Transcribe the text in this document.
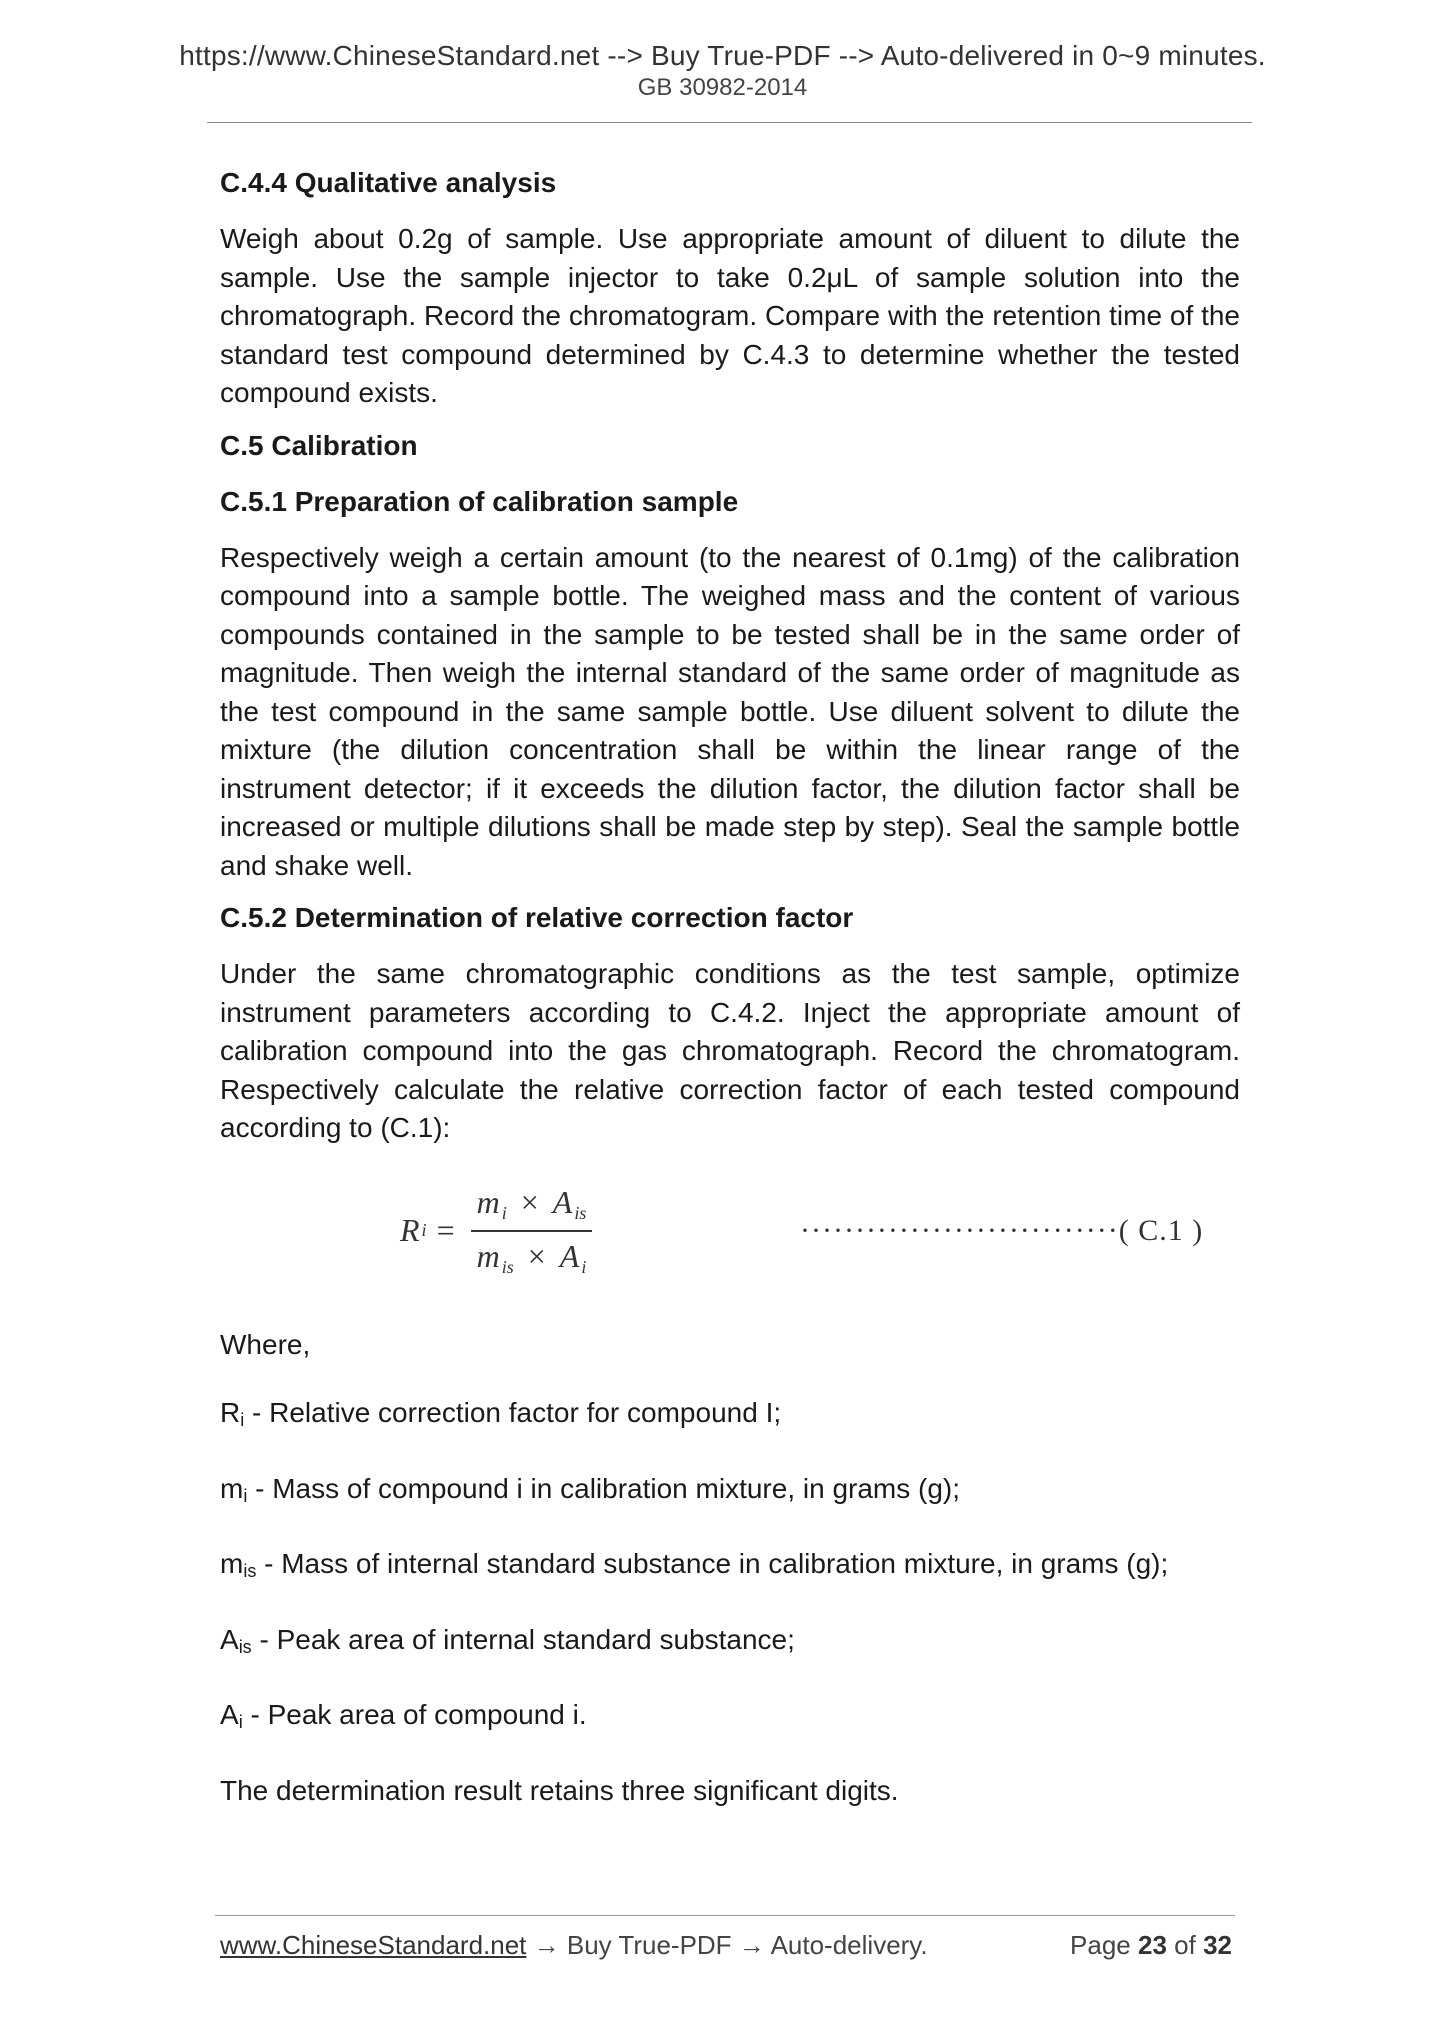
https://www.ChineseStandard.net --> Buy True-PDF --> Auto-delivered in 0~9 minutes.
GB 30982-2014
C.4.4 Qualitative analysis

Weigh about 0.2g of sample. Use appropriate amount of diluent to dilute the sample. Use the sample injector to take 0.2μL of sample solution into the chromatograph. Record the chromatogram. Compare with the retention time of the standard test compound determined by C.4.3 to determine whether the tested compound exists.

C.5 Calibration
C.5.1 Preparation of calibration sample

Respectively weigh a certain amount (to the nearest of 0.1mg) of the calibration compound into a sample bottle. The weighed mass and the content of various compounds contained in the sample to be tested shall be in the same order of magnitude. Then weigh the internal standard of the same order of magnitude as the test compound in the same sample bottle. Use diluent solvent to dilute the mixture (the dilution concentration shall be within the linear range of the instrument detector; if it exceeds the dilution factor, the dilution factor shall be increased or multiple dilutions shall be made step by step). Seal the sample bottle and shake well.

C.5.2 Determination of relative correction factor

Under the same chromatographic conditions as the test sample, optimize instrument parameters according to C.4.2. Inject the appropriate amount of calibration compound into the gas chromatograph. Record the chromatogram. Respectively calculate the relative correction factor of each tested compound according to (C.1):

R $i = \frac{m _i \times A _{is}}{m _{is} \times A _i}$	·····························( C.1 )

Where,

$R_i$ - Relative correction factor for compound I;

$m_i$ - Mass of compound i in calibration mixture, in grams (g);

$m_{is}$ - Mass of internal standard substance in calibration mixture, in grams (g);

$A_{is}$ - Peak area of internal standard substance;

$A_i$ - Peak area of compound i.

The determination result retains three significant digits.

www.ChineseStandard.net → Buy True-PDF → Auto-delivery.	Page 23 of 32
